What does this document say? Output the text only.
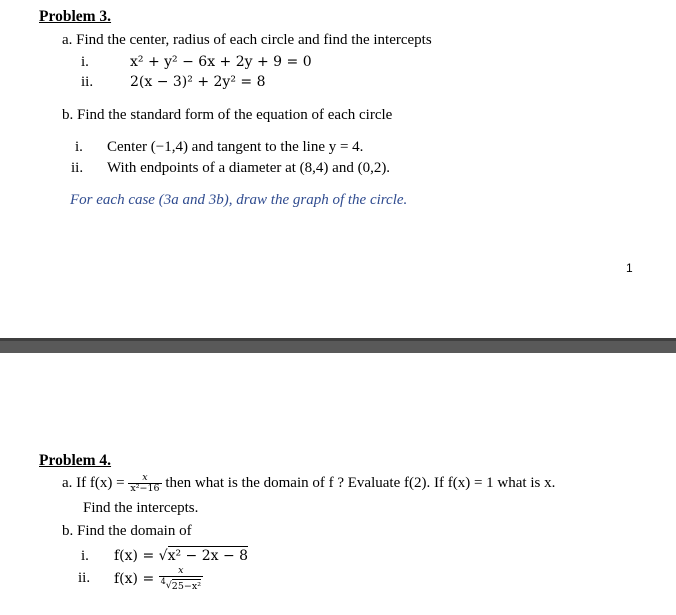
Problem 3.
a. Find the center, radius of each circle and find the intercepts
i.	x² + y² − 6x + 2y + 9 = 0
ii.	2(x − 3)² + 2y² = 8
b. Find the standard form of the equation of each circle
i. Center (−1,4) and tangent to the line y = 4.
ii. With endpoints of a diameter at (8,4) and (0,2).
For each case (3a and 3b), draw the graph of the circle.
1
Problem 4.
a. If $f(x) = \frac{x}{\text{x²−16}}$ then what is the domain of f ? Evaluate f(2). If f(x) = 1 what is x.
Find the intercepts.
b. Find the domain of
i. f(x) = √x² − 2x − 8
ii. $f(x) = \frac{x}{^4√25-x^2}$
